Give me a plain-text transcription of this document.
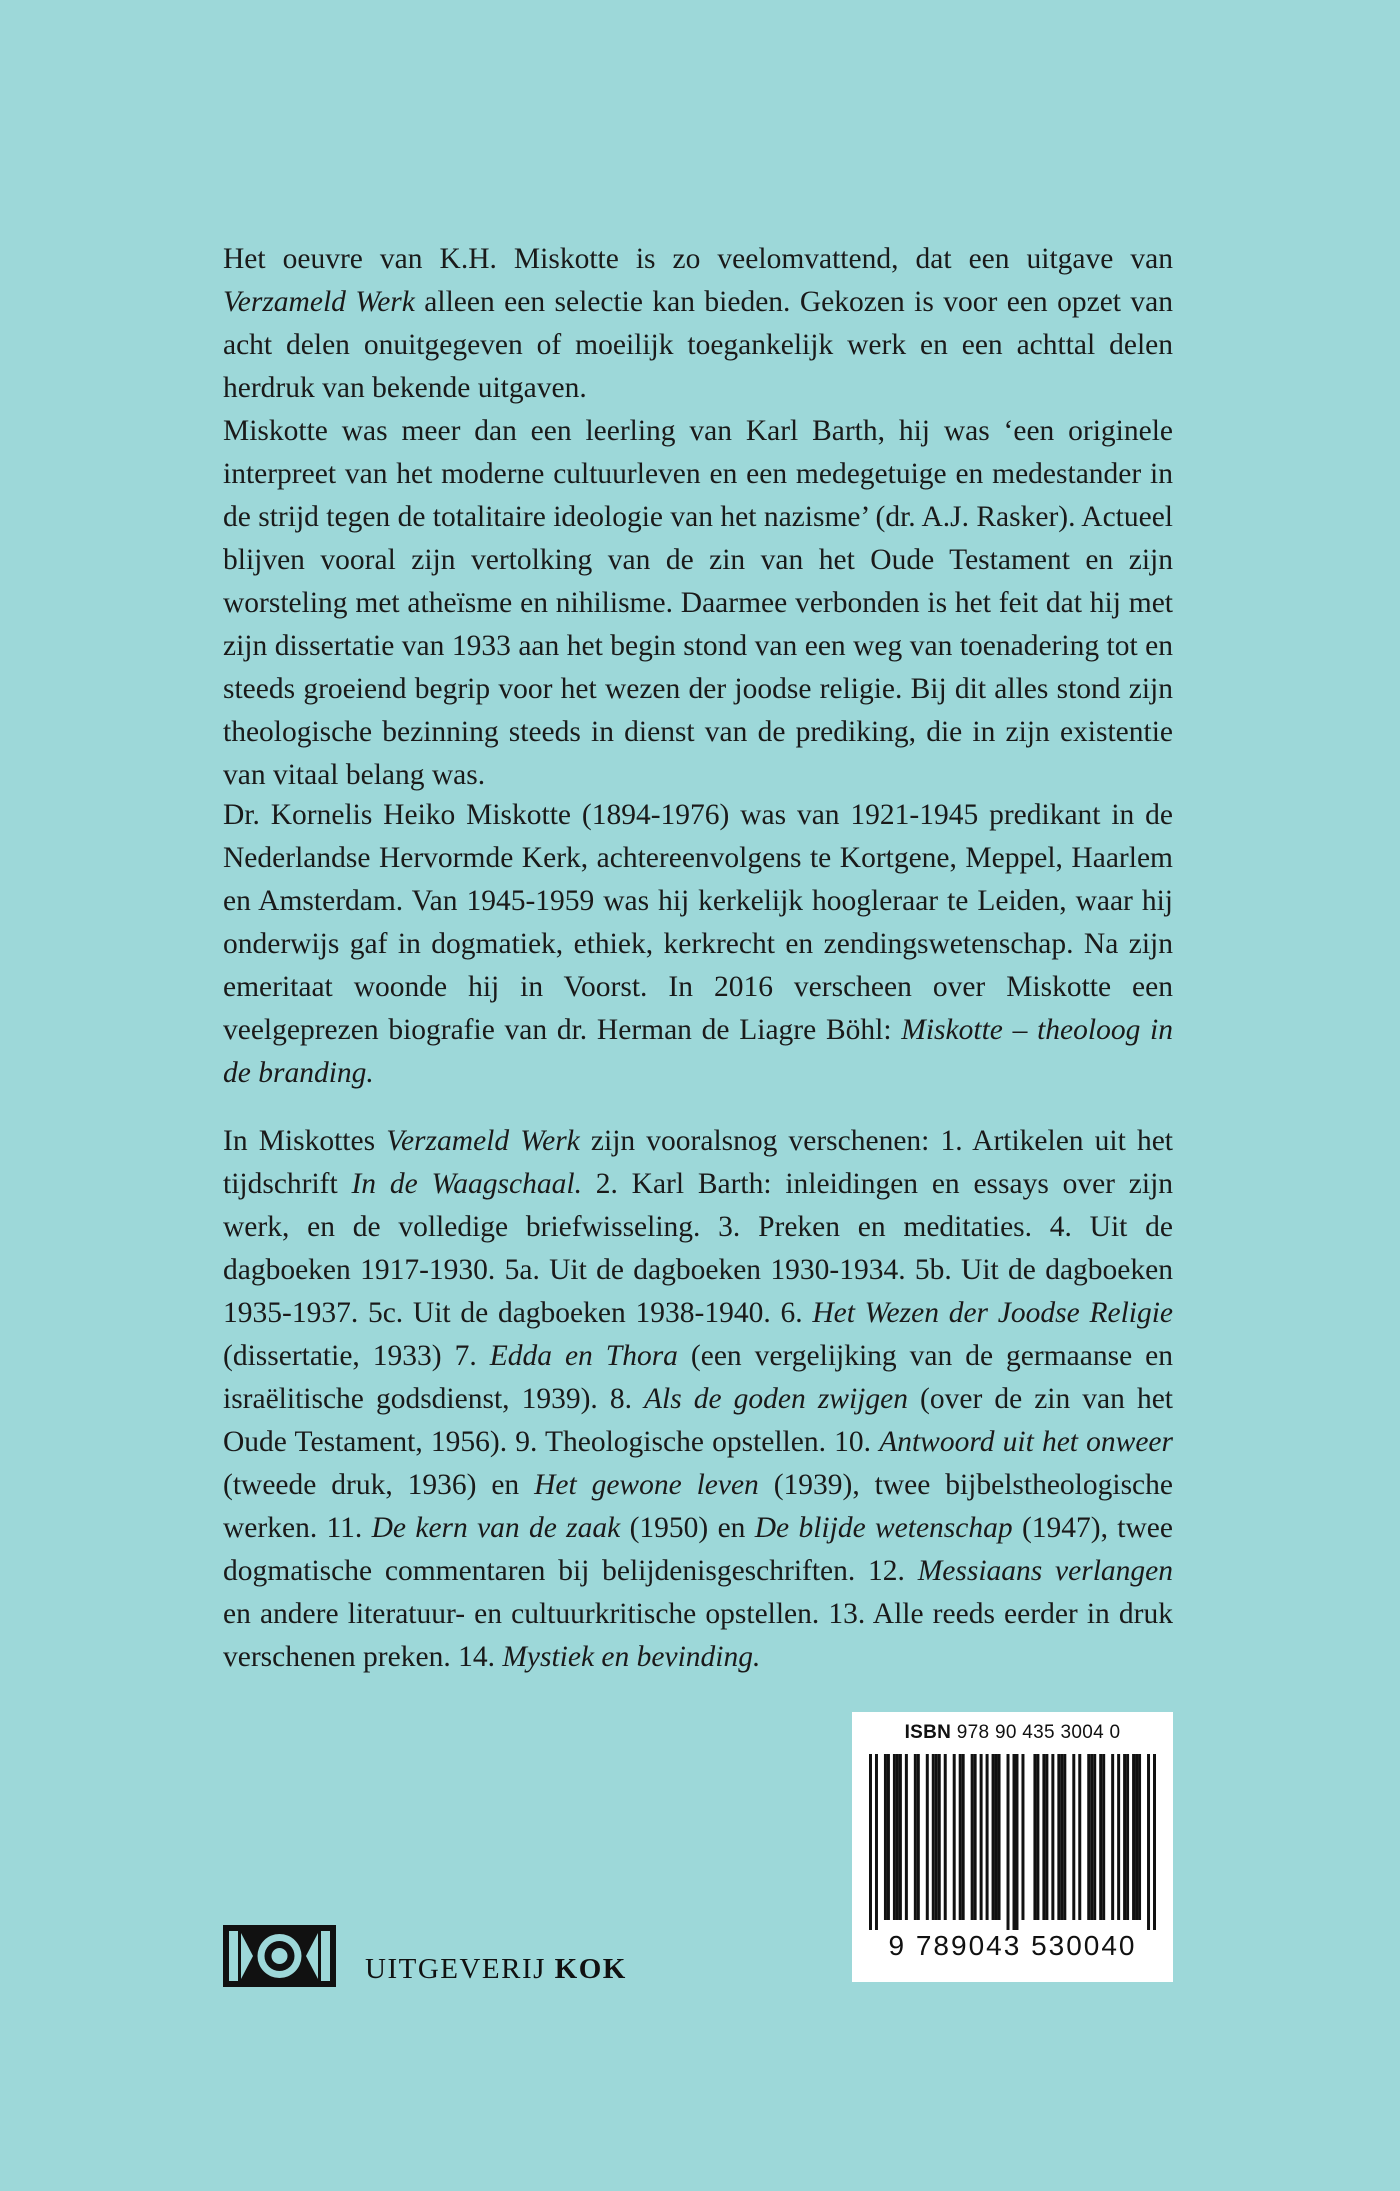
Het oeuvre van K.H. Miskotte is zo veelomvattend, dat een uitgave van Verzameld Werk alleen een selectie kan bieden. Gekozen is voor een opzet van acht delen onuitgegeven of moeilijk toegankelijk werk en een achttal delen herdruk van bekende uitgaven.

Miskotte was meer dan een leerling van Karl Barth, hij was ‘een originele interpreet van het moderne cultuurleven en een medegetuige en medestander in de strijd tegen de totalitaire ideologie van het nazisme’ (dr. A.J. Rasker). Actueel blijven vooral zijn vertolking van de zin van het Oude Testament en zijn worsteling met atheïsme en nihilisme. Daarmee verbonden is het feit dat hij met zijn dissertatie van 1933 aan het begin stond van een weg van toenadering tot en steeds groeiend begrip voor het wezen der joodse religie. Bij dit alles stond zijn theologische bezinning steeds in dienst van de prediking, die in zijn existentie van vitaal belang was.

Dr. Kornelis Heiko Miskotte (1894-1976) was van 1921-1945 predikant in de Nederlandse Hervormde Kerk, achtereenvolgens te Kortgene, Meppel, Haarlem en Amsterdam. Van 1945-1959 was hij kerkelijk hoogleraar te Leiden, waar hij onderwijs gaf in dogmatiek, ethiek, kerkrecht en zendingswetenschap. Na zijn emeritaat woonde hij in Voorst. In 2016 verscheen over Miskotte een veelgeprezen biografie van dr. Herman de Liagre Böhl: Miskotte – theoloog in de branding.

In Miskottes Verzameld Werk zijn vooralsnog verschenen: 1. Artikelen uit het tijdschrift In de Waagschaal. 2. Karl Barth: inleidingen en essays over zijn werk, en de volledige briefwisseling. 3. Preken en meditaties. 4. Uit de dagboeken 1917-1930. 5a. Uit de dagboeken 1930-1934. 5b. Uit de dagboeken 1935-1937. 5c. Uit de dagboeken 1938-1940. 6. Het Wezen der Joodse Religie (dissertatie, 1933) 7. Edda en Thora (een vergelijking van de germaanse en israëlitische godsdienst, 1939). 8. Als de goden zwijgen (over de zin van het Oude Testament, 1956). 9. Theologische opstellen. 10. Antwoord uit het onweer (tweede druk, 1936) en Het gewone leven (1939), twee bijbelstheologische werken. 11. De kern van de zaak (1950) en De blijde wetenschap (1947), twee dogmatische commentaren bij belijdenisgeschriften. 12. Messiaans verlangen en andere literatuur- en cultuurkritische opstellen. 13. Alle reeds eerder in druk verschenen preken. 14. Mystiek en bevinding.

UITGEVERIJ KOK
ISBN 978 90 435 3004 0
9 789043 530040
